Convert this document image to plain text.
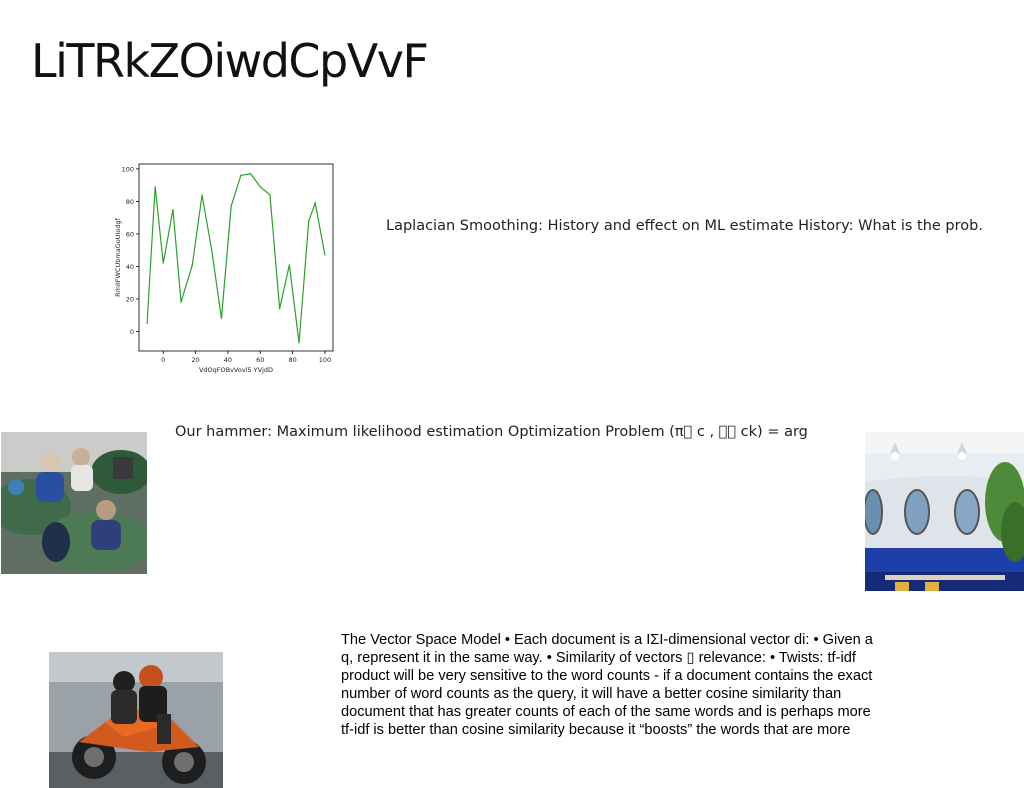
LiTRkZOiwdCpVvF
0
20
40
60
80
100
0	20	40	60	80	100
VdOqFOBvVovl5 YVjdD
RmIIFWCUbmaGoUIodgf	Laplacian Smoothing: History and effect on ML estimate History: What is the prob.
Our hammer: Maximum likelihood estimation Optimization Problem (π  c ,    ck) = arg
The Vector Space Model • Each document is a IΣI-dimensional vector di: • Given a
q, represent it in the same way. • Similarity of vectors ▯ relevance: • Twists: tf-idf
product will be very sensitive to the word counts - if a document contains the exact
number of word counts as the query, it will have a better cosine similarity than
document that has greater counts of each of the same words and is perhaps more
tf-idf is better than cosine similarity because it “boosts” the words that are more
